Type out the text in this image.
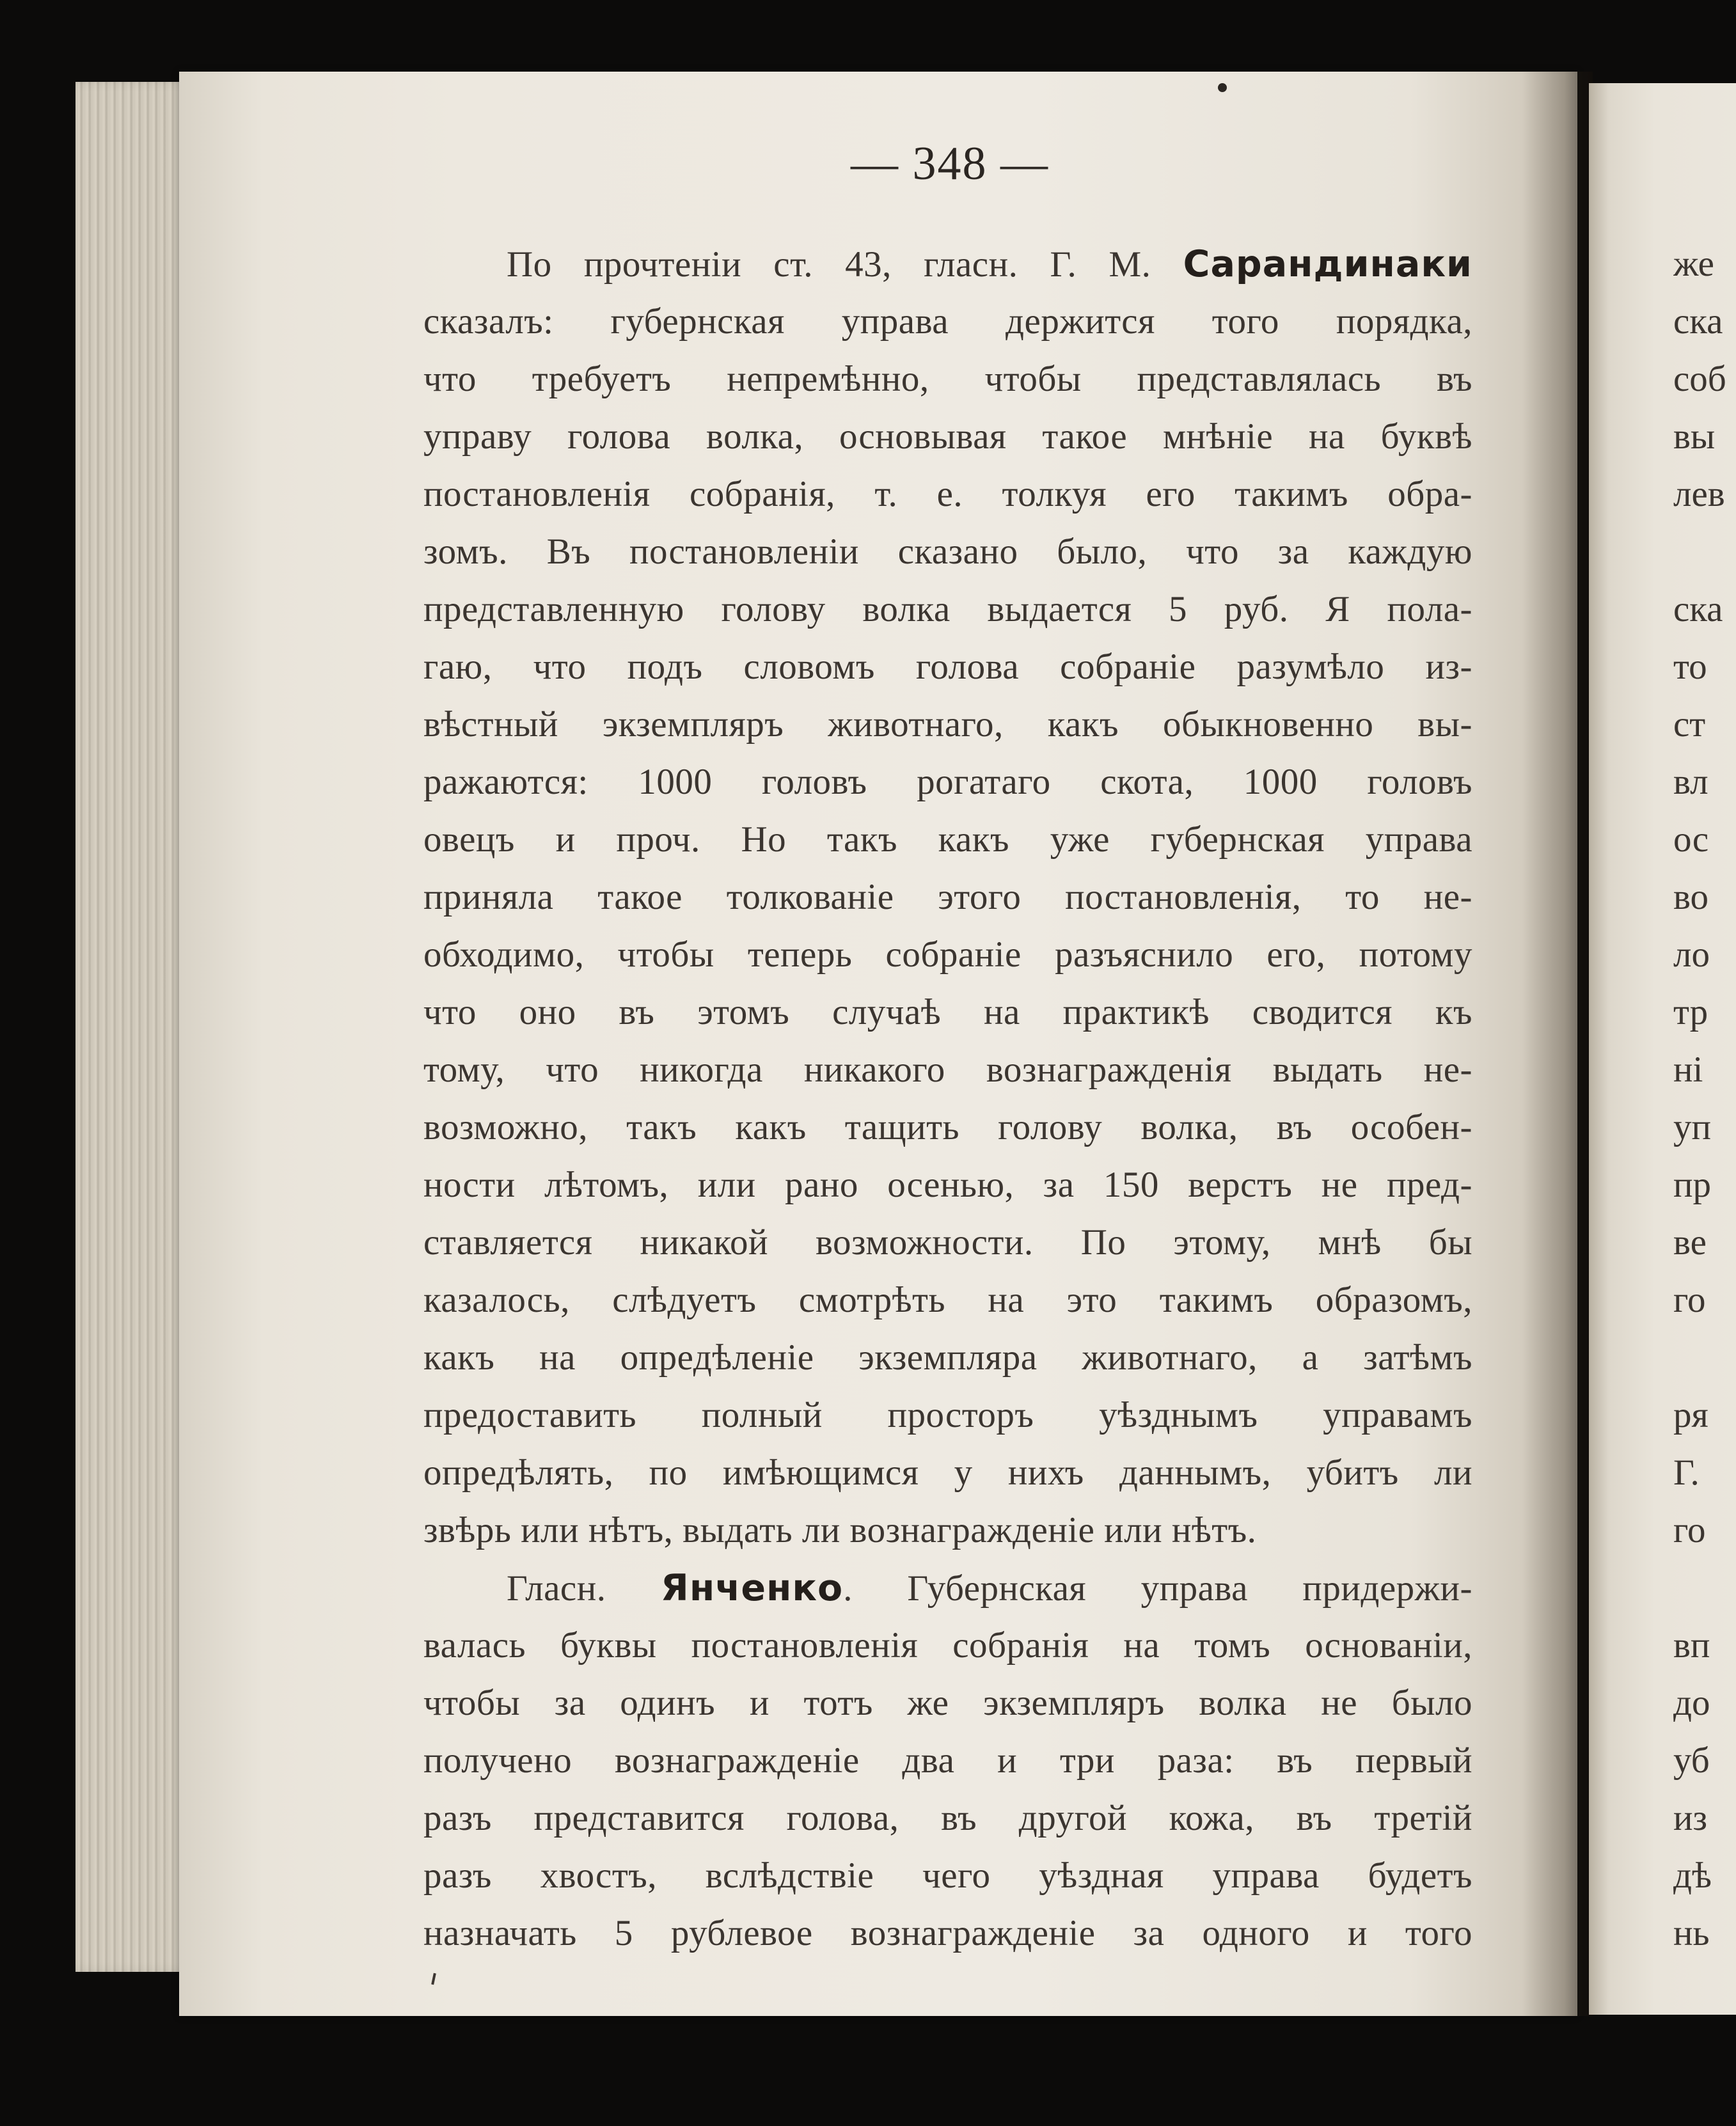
— 348 —
По прочтеніи ст. 43, гласн. Г. М. Сарандинаки
сказалъ: губернская управа держится того порядка,
что требуетъ непремѣнно, чтобы представлялась въ
управу голова волка, основывая такое мнѣніе на буквѣ
постановленія собранія, т. е. толкуя его такимъ обра-
зомъ. Въ постановленіи сказано было, что за каждую
представленную голову волка выдается 5 руб. Я пола-
гаю, что подъ словомъ голова собраніе разумѣло из-
вѣстный экземпляръ животнаго, какъ обыкновенно вы-
ражаются: 1000 головъ рогатаго скота, 1000 головъ
овецъ и проч. Но такъ какъ уже губернская управа
приняла такое толкованіе этого постановленія, то не-
обходимо, чтобы теперь собраніе разъяснило его, потому
что оно въ этомъ случаѣ на практикѣ сводится къ
тому, что никогда никакого вознагражденія выдать не-
возможно, такъ какъ тащить голову волка, въ особен-
ности лѣтомъ, или рано осенью, за 150 верстъ не пред-
ставляется никакой возможности. По этому, мнѣ бы
казалось, слѣдуетъ смотрѣть на это такимъ образомъ,
какъ на опредѣленіе экземпляра животнаго, а затѣмъ
предоставить полный просторъ уѣзднымъ управамъ
опредѣлять, по имѣющимся у нихъ даннымъ, убитъ ли
звѣрь или нѣтъ, выдать ли вознагражденіе или нѣтъ.
Гласн. Янченко. Губернская управа придержи-
валась буквы постановленія собранія на томъ основаніи,
чтобы за одинъ и тотъ же экземпляръ волка не было
получено вознагражденіе два и три раза: въ первый
разъ представится голова, въ другой кожа, въ третій
разъ хвостъ, вслѣдствіе чего уѣздная управа будетъ
назначать 5 рублевое вознагражденіе за одного и того
же
ска
соб
вы
лев
ска
то
ст
вл
ос
во
ло
тр
ні
уп
пр
ве
го
ря
Г.
го
вп
до
уб
из
дѣ
нь
